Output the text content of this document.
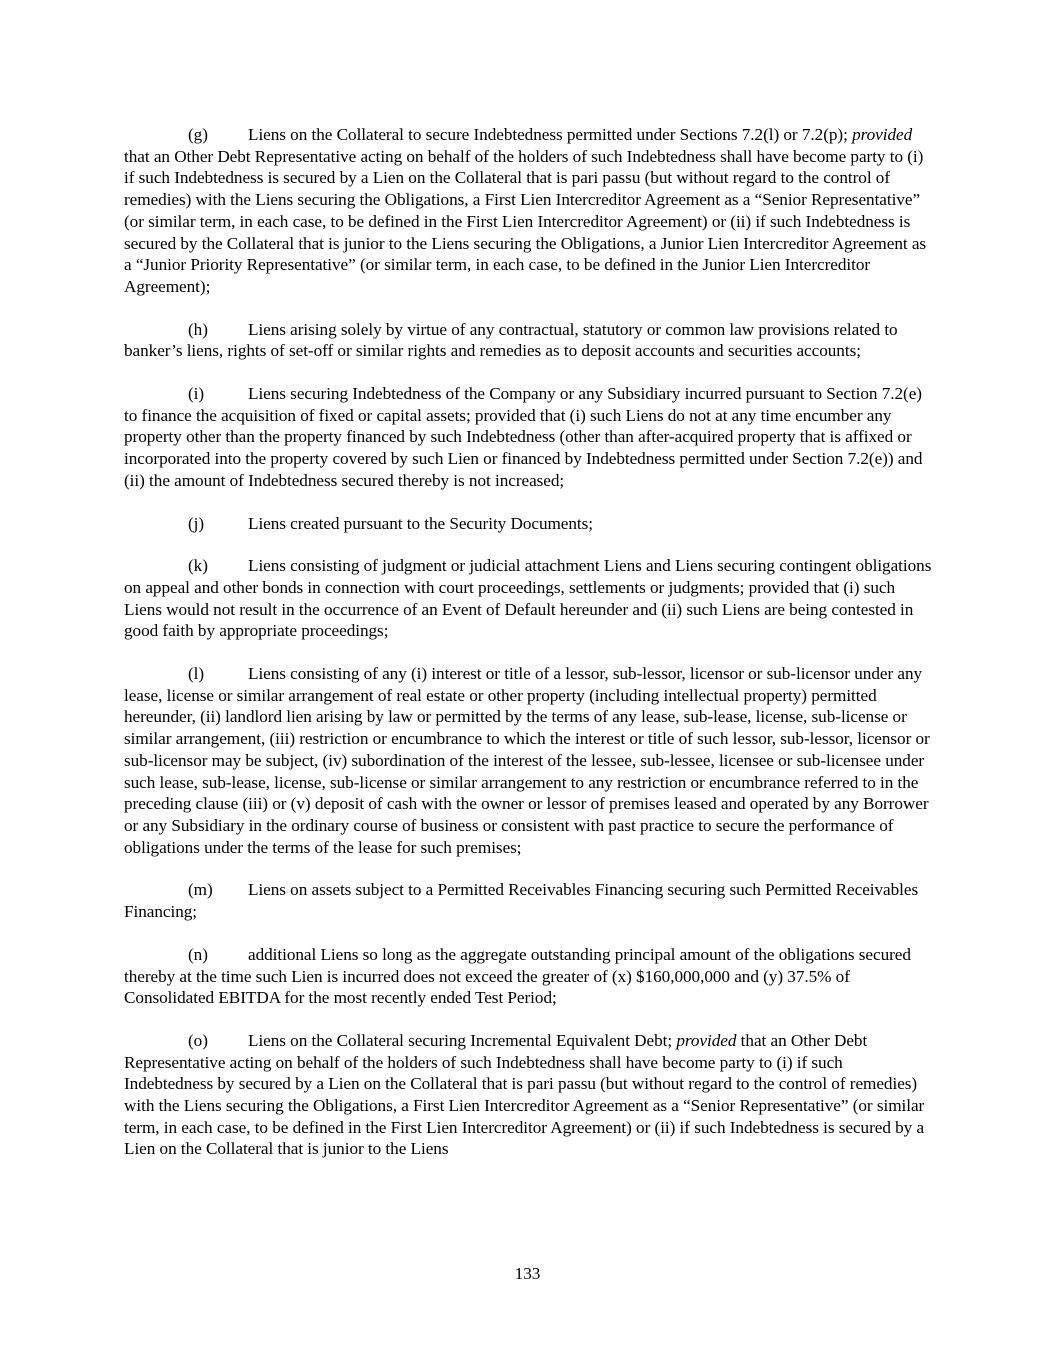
(g) Liens on the Collateral to secure Indebtedness permitted under Sections 7.2(l) or 7.2(p); provided that an Other Debt Representative acting on behalf of the holders of such Indebtedness shall have become party to (i) if such Indebtedness is secured by a Lien on the Collateral that is pari passu (but without regard to the control of remedies) with the Liens securing the Obligations, a First Lien Intercreditor Agreement as a “Senior Representative” (or similar term, in each case, to be defined in the First Lien Intercreditor Agreement) or (ii) if such Indebtedness is secured by the Collateral that is junior to the Liens securing the Obligations, a Junior Lien Intercreditor Agreement as a “Junior Priority Representative” (or similar term, in each case, to be defined in the Junior Lien Intercreditor Agreement);

(h) Liens arising solely by virtue of any contractual, statutory or common law provisions related to banker’s liens, rights of set-off or similar rights and remedies as to deposit accounts and securities accounts;

(i)	Liens securing Indebtedness of the Company or any Subsidiary incurred pursuant to Section 7.2(e) to finance the acquisition of fixed or capital assets; provided that (i) such Liens do not at any time encumber any property other than the property financed by such Indebtedness (other than after-acquired property that is affixed or incorporated into the property covered by such Lien or financed by Indebtedness permitted under Section 7.2(e)) and (ii) the amount of Indebtedness secured thereby is not increased;

(j)	Liens created pursuant to the Security Documents;

(k) Liens consisting of judgment or judicial attachment Liens and Liens securing contingent obligations on appeal and other bonds in connection with court proceedings, settlements or judgments; provided that (i) such Liens would not result in the occurrence of an Event of Default hereunder and (ii) such Liens are being contested in good faith by appropriate proceedings;

(l)	Liens consisting of any (i) interest or title of a lessor, sub-lessor, licensor or sub-licensor under any lease, license or similar arrangement of real estate or other property (including intellectual property) permitted hereunder, (ii) landlord lien arising by law or permitted by the terms of any lease, sub-lease, license, sub-license or similar arrangement, (iii) restriction or encumbrance to which the interest or title of such lessor, sub-lessor, licensor or sub-licensor may be subject, (iv) subordination of the interest of the lessee, sub-lessee, licensee or sub-licensee under such lease, sub-lease, license, sub-license or similar arrangement to any restriction or encumbrance referred to in the preceding clause (iii) or (v) deposit of cash with the owner or lessor of premises leased and operated by any Borrower or any Subsidiary in the ordinary course of business or consistent with past practice to secure the performance of obligations under the terms of the lease for such premises;

(m) Liens on assets subject to a Permitted Receivables Financing securing such Permitted Receivables Financing;

(n) additional Liens so long as the aggregate outstanding principal amount of the obligations secured thereby at the time such Lien is incurred does not exceed the greater of (x) $160,000,000 and (y) 37.5% of Consolidated EBITDA for the most recently ended Test Period;

(o) Liens on the Collateral securing Incremental Equivalent Debt; provided that an Other Debt Representative acting on behalf of the holders of such Indebtedness shall have become party to (i) if such Indebtedness by secured by a Lien on the Collateral that is pari passu (but without regard to the control of remedies) with the Liens securing the Obligations, a First Lien Intercreditor Agreement as a “Senior Representative” (or similar term, in each case, to be defined in the First Lien Intercreditor Agreement) or (ii) if such Indebtedness is secured by a Lien on the Collateral that is junior to the Liens

133
